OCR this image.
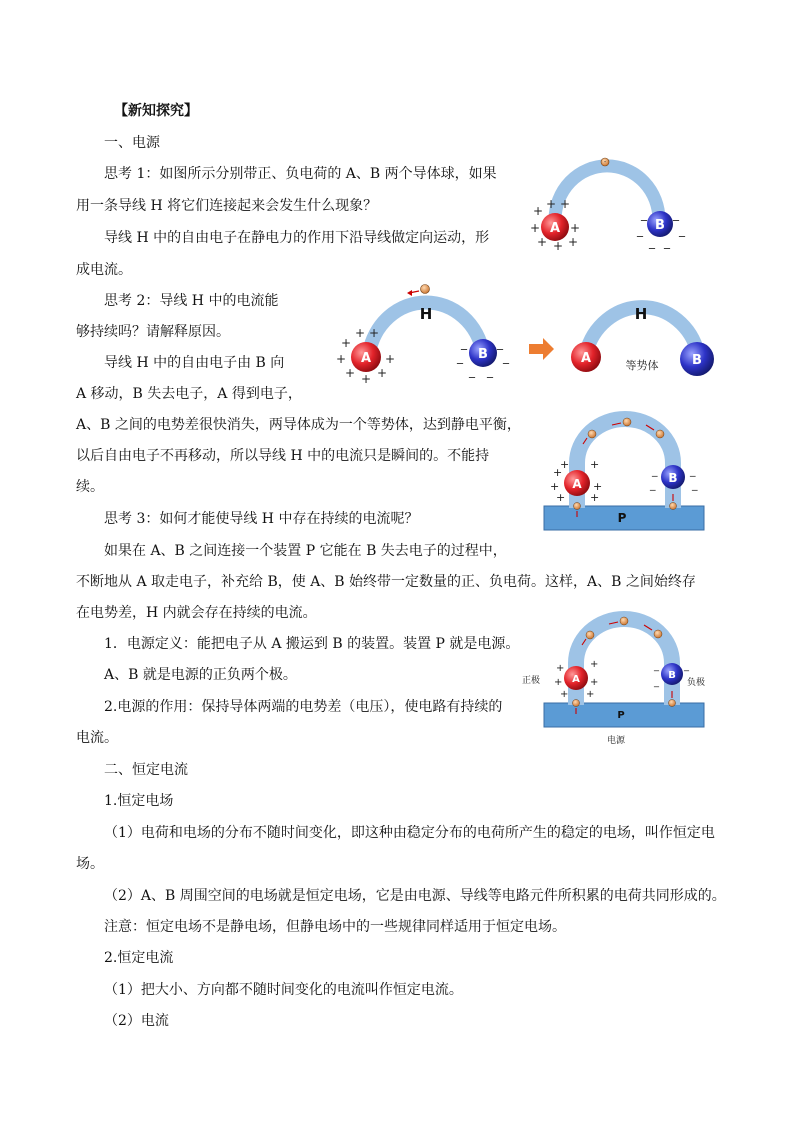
【新知探究】

一、电源

思考 1：如图所示分别带正、负电荷的 A、B 两个导体球，如果

用一条导线 H 将它们连接起来会发生什么现象？

导线 H 中的自由电子在静电力的作用下沿导线做定向运动，形

成电流。

思考 2：导线 H 中的电流能

够持续吗？请解释原因。

导线 H 中的自由电子由 B 向

A 移动，B 失去电子，A 得到电子，

A、B 之间的电势差很快消失，两导体成为一个等势体，达到静电平衡，

以后自由电子不再移动，所以导线 H 中的电流只是瞬间的。不能持

续。

思考 3：如何才能使导线 H 中存在持续的电流呢？

如果在 A、B 之间连接一个装置 P 它能在 B 失去电子的过程中，

不断地从 A 取走电子，补充给 B，使 A、B 始终带一定数量的正、负电荷。这样，A、B 之间始终存

在电势差，H 内就会存在持续的电流。

1．电源定义：能把电子从 A 搬运到 B 的装置。装置 P 就是电源。

A、B 就是电源的正负两个极。

2.电源的作用：保持导体两端的电势差（电压），使电路有持续的

电流。

二、恒定电流

1.恒定电场

（1）电荷和电场的分布不随时间变化，即这种由稳定分布的电荷所产生的稳定的电场，叫作恒定电

场。

（2）A、B 周围空间的电场就是恒定电场，它是由电源、导线等电路元件所积累的电荷共同形成的。

注意：恒定电场不是静电场，但静电场中的一些规律同样适用于恒定电场。

2.恒定电流

（1）把大小、方向都不随时间变化的电流叫作恒定电流。

（2）电流

-
A	B
+ + +
+ +
+ + +
_ _
_	_
_ _
H
A	B
+
+ +
+	+
+ + +
_	_
_	_
_ _
H
A	B
等势体
P
A	B
+
+ +
+	+
+ +
_	_
_	_
P
A	B
+	+
+	+
+ +
_	_
_
正极	负极
电源
